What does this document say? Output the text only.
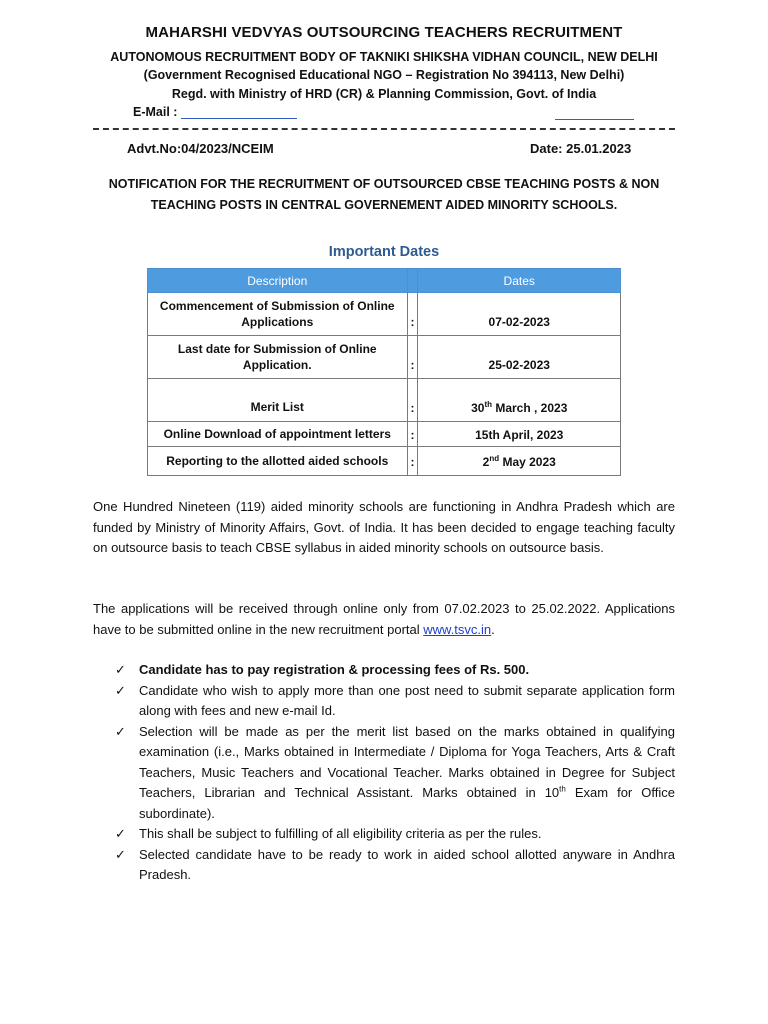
MAHARSHI VEDVYAS OUTSOURCING TEACHERS RECRUITMENT
AUTONOMOUS RECRUITMENT BODY OF TAKNIKI SHIKSHA VIDHAN COUNCIL, NEW DELHI
(Government Recognised Educational NGO – Registration No 394113, New Delhi)
Regd. with Ministry of HRD (CR) & Planning Commission, Govt. of India
E-Mail :
Advt.No:04/2023/NCEIM	Date: 25.01.2023
NOTIFICATION FOR THE RECRUITMENT OF OUTSOURCED CBSE TEACHING POSTS & NON TEACHING POSTS IN CENTRAL GOVERNEMENT AIDED MINORITY SCHOOLS.
Important Dates
Description		Dates
Commencement of Submission of Online Applications	:	07-02-2023
Last date for Submission of Online Application.	:	25-02-2023
Merit List	:	30th March , 2023
Online Download of appointment letters	:	15th April, 2023
Reporting to the allotted aided schools	:	2nd May 2023
One Hundred Nineteen (119) aided minority schools are functioning in Andhra Pradesh which are funded by Ministry of Minority Affairs, Govt. of India. It has been decided to engage teaching faculty on outsource basis to teach CBSE syllabus in aided minority schools on outsource basis.
The applications will be received through online only from 07.02.2023 to 25.02.2022. Applications have to be submitted online in the new recruitment portal www.tsvc.in.
✓ Candidate has to pay registration & processing fees of Rs. 500.
✓ Candidate who wish to apply more than one post need to submit separate application form along with fees and new e-mail Id.
✓ Selection will be made as per the merit list based on the marks obtained in qualifying examination (i.e., Marks obtained in Intermediate / Diploma for Yoga Teachers, Arts & Craft Teachers, Music Teachers and Vocational Teacher. Marks obtained in Degree for Subject Teachers, Librarian and Technical Assistant. Marks obtained in 10th Exam for Office subordinate).
✓ This shall be subject to fulfilling of all eligibility criteria as per the rules.
✓ Selected candidate have to be ready to work in aided school allotted anyware in Andhra Pradesh.
